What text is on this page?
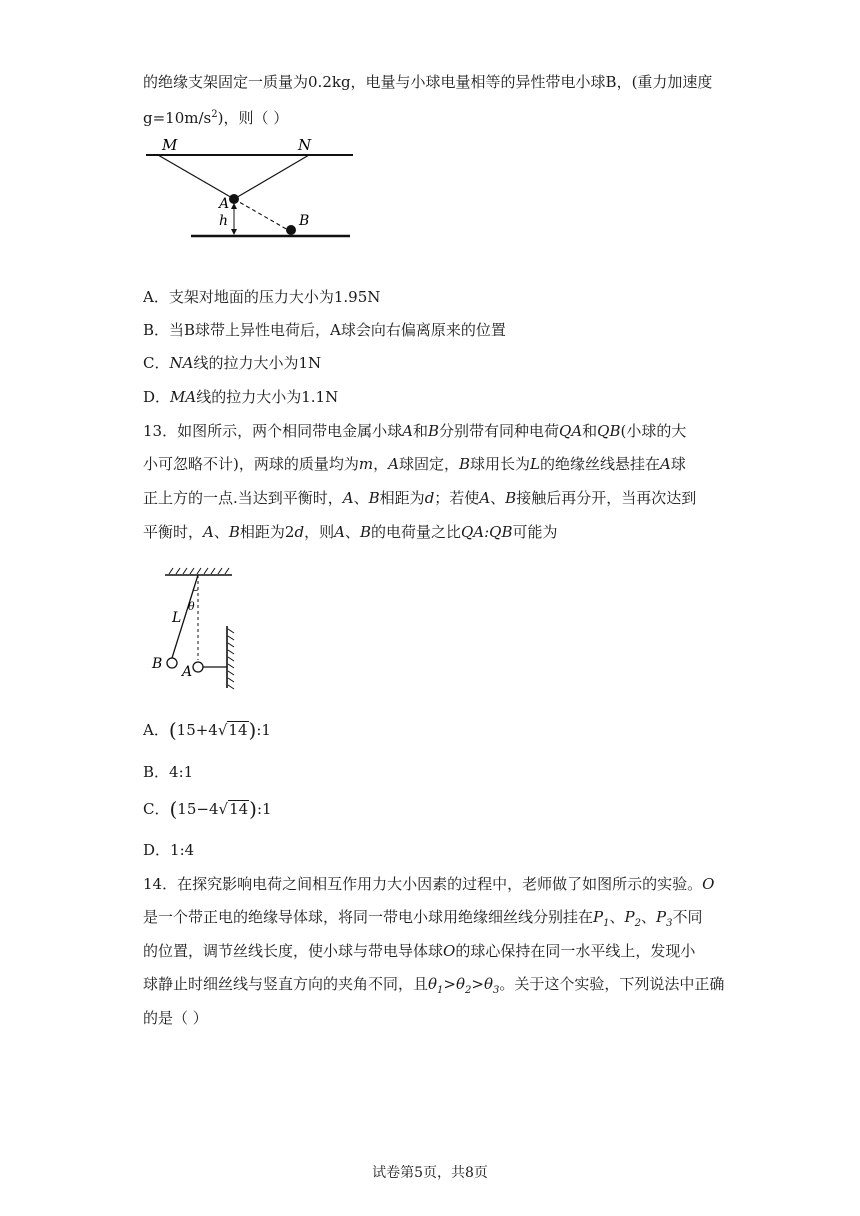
的绝缘支架固定一质量为0.2kg，电量与小球电量相等的异性带电小球B，(重力加速度
$g=10m/s^2$)，则（ ）
M	N
A
h	B
A．支架对地面的压力大小为1.95N
B．当B球带上异性电荷后，A球会向右偏离原来的位置
C．NA线的拉力大小为1N
D．MA线的拉力大小为1.1N
13．如图所示，两个相同带电金属小球A和B分别带有同种电荷QA和QB(小球的大
小可忽略不计)，两球的质量均为m，A球固定，B球用长为L的绝缘丝线悬挂在A球
正上方的一点.当达到平衡时，A、B相距为d；若使A、B接触后再分开，当再次达到
平衡时，A、B相距为2d，则A、B的电荷量之比QA:QB可能为
L
θ
B A
A．(15+4√14):1
B．4:1
C．(15−4√14):1
D．1:4
14．在探究影响电荷之间相互作用力大小因素的过程中，老师做了如图所示的实验。O
是一个带正电的绝缘导体球，将同一带电小球用绝缘细丝线分别挂在$P_1$、$P_2$、$P_3$不同
的位置，调节丝线长度，使小球与带电导体球O的球心保持在同一水平线上，发现小
球静止时细丝线与竖直方向的夹角不同，且$\theta_1>\theta_2>\theta_3$。关于这个实验，下列说法中正确
的是（ ）
试卷第5页，共8页
